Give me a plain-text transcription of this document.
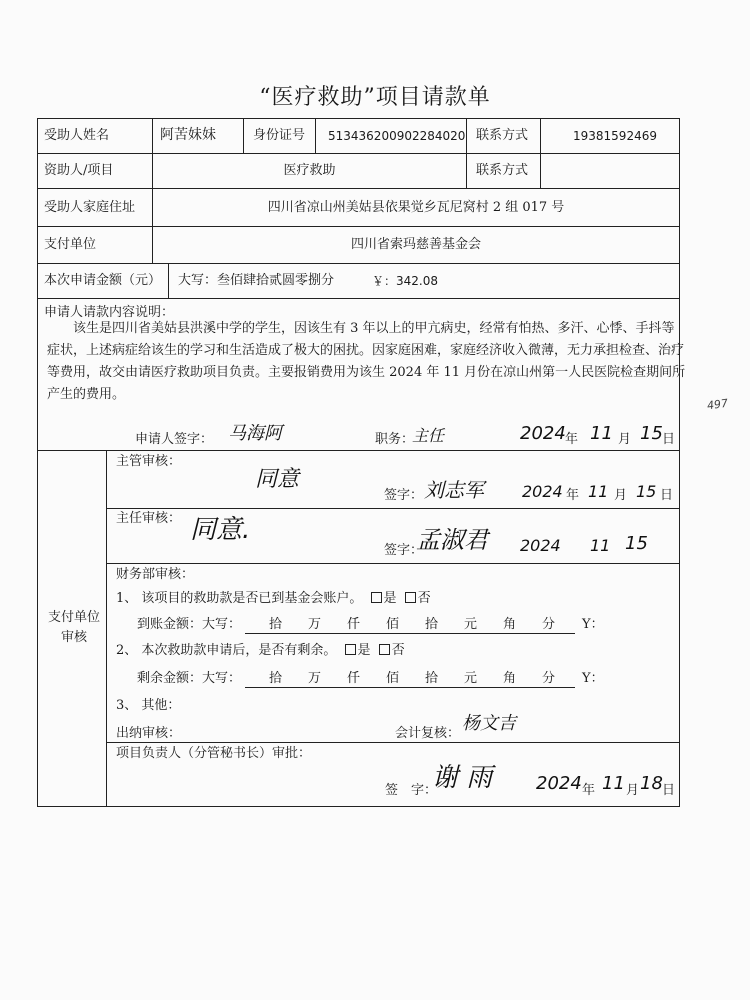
“医疗救助”项目请款单
受助人姓名	阿苦妹妹	身份证号 513436200902284020 联系方式	19381592469
资助人/项目	医疗救助	联系方式
受助人家庭住址	四川省凉山州美姑县依果觉乡瓦尼窝村 2 组 017 号
支付单位	四川省索玛慈善基金会
本次申请金额（元） 大写：叁佰肆拾贰圆零捌分	￥：342.08
申请人请款内容说明：
该生是四川省美姑县洪溪中学的学生，因该生有 3 年以上的甲亢病史，经常有怕热、多汗、心悸、手抖等症状，上述病症给该生的学习和生活造成了极大的困扰。因家庭困难，家庭经济收入微薄，无力承担检查、治疗等费用，故交由请医疗救助项目负责。主要报销费用为该生 2024 年 11 月份在凉山州第一人民医院检查期间所产生的费用。
申请人签字： 马海阿	职务：
主任	2024 年 11 月 15 日
支付单位审核
主管审核：
同意
签字： 刘志军 2024 年 11 月 15 日
主任审核： 同意.
签字：
孟淑君 2024 11 15
财务部审核：
1、 该项目的救助款是否已到基金会账户。 是 否
到账金额：大写：	拾　　万　　仟　　佰　　拾　　元　　角　　分	Y：
2、 本次救助款申请后，是否有剩余。 是 否
剩余金额：大写：	拾　　万　　仟　　佰　　拾　　元　　角　　分	Y：
3、 其他：
出纳审核：	会计复核： 杨文吉
项目负责人（分管秘书长）审批：
签　字：
谢 雨 2024 年 11 月 18 日
497
